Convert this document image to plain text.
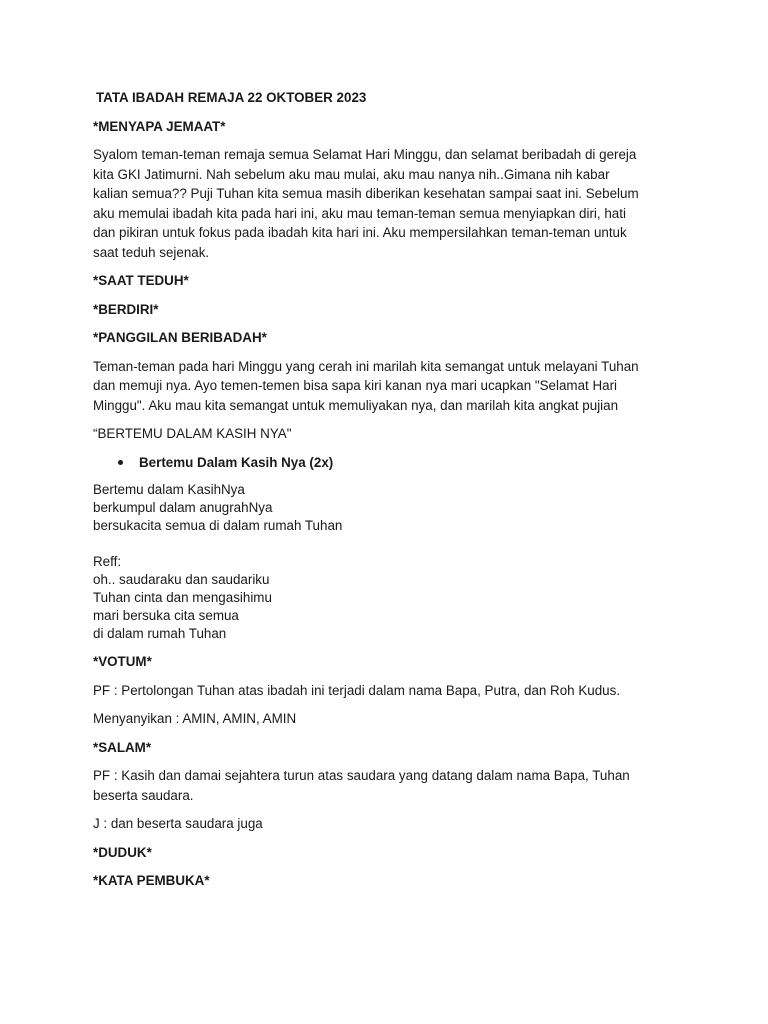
TATA IBADAH REMAJA 22 OKTOBER 2023
*MENYAPA JEMAAT*
Syalom teman-teman remaja semua Selamat Hari Minggu, dan selamat beribadah di gereja
kita GKI Jatimurni. Nah sebelum aku mau mulai, aku mau nanya nih..Gimana nih kabar
kalian semua?? Puji Tuhan kita semua masih diberikan kesehatan sampai saat ini. Sebelum
aku memulai ibadah kita pada hari ini, aku mau teman-teman semua menyiapkan diri, hati
dan pikiran untuk fokus pada ibadah kita hari ini. Aku mempersilahkan teman-teman untuk
saat teduh sejenak.
*SAAT TEDUH*
*BERDIRI*
*PANGGILAN BERIBADAH*
Teman-teman pada hari Minggu yang cerah ini marilah kita semangat untuk melayani Tuhan
dan memuji nya. Ayo temen-temen bisa sapa kiri kanan nya mari ucapkan "Selamat Hari
Minggu". Aku mau kita semangat untuk memuliyakan nya, dan marilah kita angkat pujian
“BERTEMU DALAM KASIH NYA"
Bertemu Dalam Kasih Nya (2x)
Bertemu dalam KasihNya
berkumpul dalam anugrahNya
bersukacita semua di dalam rumah Tuhan
Reff:
oh.. saudaraku dan saudariku
Tuhan cinta dan mengasihimu
mari bersuka cita semua
di dalam rumah Tuhan
*VOTUM*
PF : Pertolongan Tuhan atas ibadah ini terjadi dalam nama Bapa, Putra, dan Roh Kudus.
Menyanyikan : AMIN, AMIN, AMIN
*SALAM*
PF : Kasih dan damai sejahtera turun atas saudara yang datang dalam nama Bapa, Tuhan
beserta saudara.
J : dan beserta saudara juga
*DUDUK*
*KATA PEMBUKA*
